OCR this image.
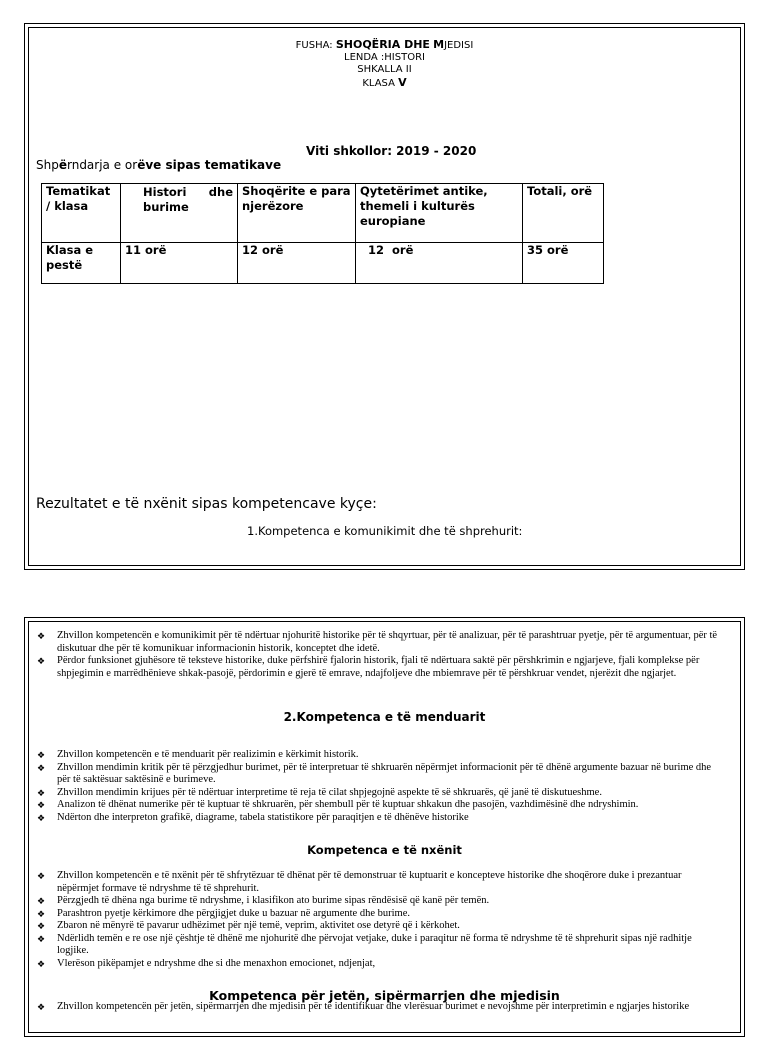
FUSHA: SHOQËRIA DHE MJEDISI
LENDA :HISTORI
SHKALLA II
KLASA V
Viti shkollor: 2019 - 2020
Shpërndarja e orëve sipas tematikave
Tematikat / klasa	Histori dhe burime	Shoqërite e para njerëzore	Qytetërimet antike, themeli i kulturës europiane	Totali, orë
Klasa e pestë	11 orë	12 orë	12  orë	35 orë
Rezultatet e të nxënit sipas kompetencave kyçe:
1.Kompetenca e komunikimit dhe të shprehurit:
❖ Zhvillon kompetencën e komunikimit për të ndërtuar njohuritë historike për të shqyrtuar, për të analizuar, për të parashtruar pyetje, për të argumentuar, për të diskutuar dhe për të komunikuar informacionin historik, konceptet dhe idetë.
❖ Përdor funksionet gjuhësore të teksteve historike, duke përfshirë fjalorin historik, fjali të ndërtuara saktë për përshkrimin e ngjarjeve, fjali komplekse për shpjegimin e marrëdhënieve shkak-pasojë, përdorimin e gjerë të emrave, ndajfoljeve dhe mbiemrave për të përshkruar vendet, njerëzit dhe ngjarjet.
2.Kompetenca e të menduarit
❖ Zhvillon kompetencën e të menduarit për realizimin e kërkimit historik.
❖ Zhvillon mendimin kritik për të përzgjedhur burimet, për të interpretuar të shkruarën nëpërmjet informacionit për të dhënë argumente bazuar në burime dhe për të saktësuar saktësinë e burimeve.
❖ Zhvillon mendimin krijues për të ndërtuar interpretime të reja të cilat shpjegojnë aspekte të së shkruarës, që janë të diskutueshme.
❖ Analizon të dhënat numerike për të kuptuar të shkruarën, për shembull për të kuptuar shkakun dhe pasojën, vazhdimësinë dhe ndryshimin.
❖ Ndërton dhe interpreton grafikë, diagrame, tabela statistikore për paraqitjen e të dhënëve historike
Kompetenca e të nxënit
❖ Zhvillon kompetencën e të nxënit për të shfrytëzuar të dhënat për të demonstruar të kuptuarit e koncepteve historike dhe shoqërore duke i prezantuar nëpërmjet formave të ndryshme të të shprehurit.
❖ Përzgjedh të dhëna nga burime të ndryshme, i klasifikon ato burime sipas rëndësisë që kanë për temën.
❖ Parashtron pyetje kërkimore dhe përgjigjet duke u bazuar në argumente dhe burime.
❖ Zbaron në mënyrë të pavarur udhëzimet për një temë, veprim, aktivitet ose detyrë që i kërkohet.
❖ Ndërlidh temën e re ose një çështje të dhënë me njohuritë dhe përvojat vetjake, duke i paraqitur në forma të ndryshme të të shprehurit sipas një radhitje logjike.
❖ Vlerëson pikëpamjet e ndryshme dhe si dhe menaxhon emocionet, ndjenjat,
Kompetenca për jetën, sipërmarrjen dhe mjedisin
❖ Zhvillon kompetencën për jetën, sipërmarrjen dhe mjedisin për të identifikuar dhe vlerësuar burimet e nevojshme për interpretimin e ngjarjes historike
